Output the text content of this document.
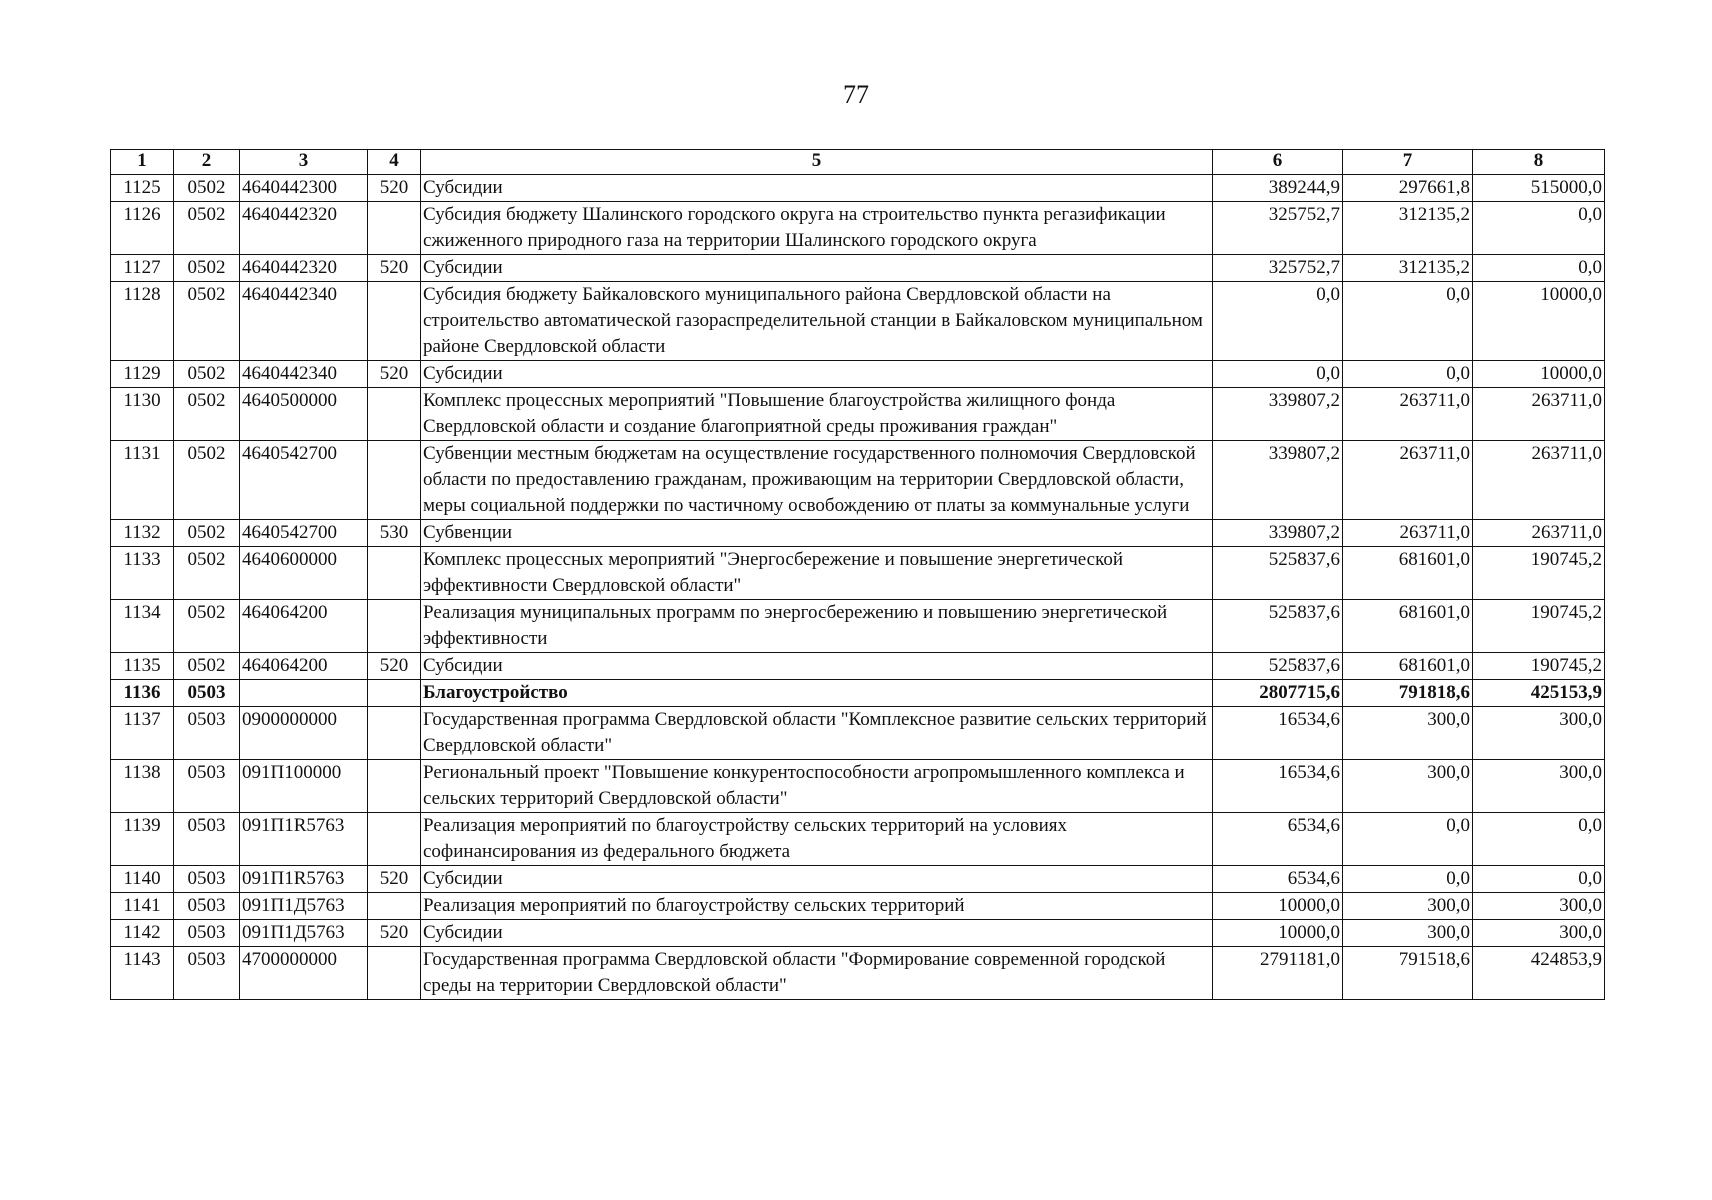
77
1	2	3	4	5	6	7	8
1125	0502	4640442300	520	Субсидии	389244,9	297661,8	515000,0
1126	0502	4640442320		Субсидия бюджету Шалинского городского округа на строительство пункта регазификации сжиженного природного газа на территории Шалинского городского округа	325752,7	312135,2	0,0
1127	0502	4640442320	520	Субсидии	325752,7	312135,2	0,0
1128	0502	4640442340		Субсидия бюджету Байкаловского муниципального района Свердловской области на строительство автоматической газораспределительной станции в Байкаловском муниципальном районе Свердловской области	0,0	0,0	10000,0
1129	0502	4640442340	520	Субсидии	0,0	0,0	10000,0
1130	0502	4640500000		Комплекс процессных мероприятий "Повышение благоустройства жилищного фонда Свердловской области и создание благоприятной среды проживания граждан"	339807,2	263711,0	263711,0
1131	0502	4640542700		Субвенции местным бюджетам на осуществление государственного полномочия Свердловской области по предоставлению гражданам, проживающим на территории Свердловской области, меры социальной поддержки по частичному освобождению от платы за коммунальные услуги	339807,2	263711,0	263711,0
1132	0502	4640542700	530	Субвенции	339807,2	263711,0	263711,0
1133	0502	4640600000		Комплекс процессных мероприятий "Энергосбережение и повышение энергетической эффективности Свердловской области"	525837,6	681601,0	190745,2
1134	0502	464064200		Реализация муниципальных программ по энергосбережению и повышению энергетической эффективности	525837,6	681601,0	190745,2
1135	0502	464064200	520	Субсидии	525837,6	681601,0	190745,2
1136	0503			Благоустройство	2807715,6	791818,6	425153,9
1137	0503	0900000000		Государственная программа Свердловской области "Комплексное развитие сельских территорий Свердловской области"	16534,6	300,0	300,0
1138	0503	091П100000		Региональный проект "Повышение конкурентоспособности агропромышленного комплекса и сельских территорий Свердловской области"	16534,6	300,0	300,0
1139	0503	091П1R5763		Реализация мероприятий по благоустройству сельских территорий на условиях софинансирования из федерального бюджета	6534,6	0,0	0,0
1140	0503	091П1R5763	520	Субсидии	6534,6	0,0	0,0
1141	0503	091П1Д5763		Реализация мероприятий по благоустройству сельских территорий	10000,0	300,0	300,0
1142	0503	091П1Д5763	520	Субсидии	10000,0	300,0	300,0
1143	0503	4700000000		Государственная программа Свердловской области "Формирование современной городской среды на территории Свердловской области"	2791181,0	791518,6	424853,9
